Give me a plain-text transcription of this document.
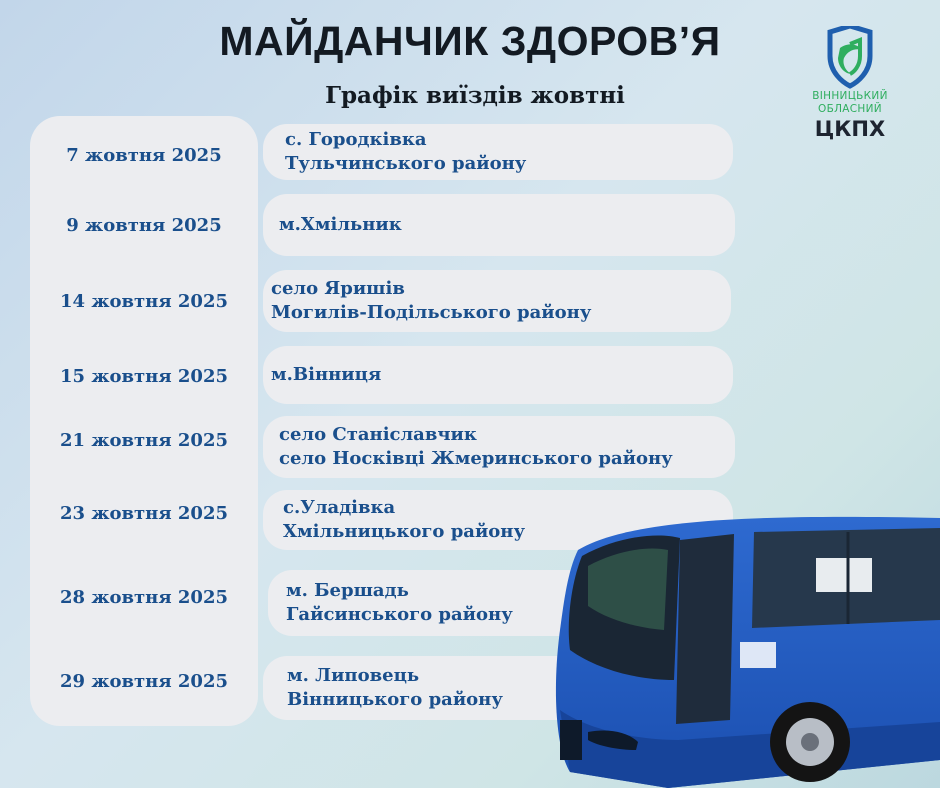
МАЙДАНЧИК ЗДОРОВ’Я
Графік виїздів жовтні	ВІННИЦЬКИЙ
ОБЛАСНИЙ
ЦКПХ
7 жовтня 2025
9 жовтня 2025
14 жовтня 2025
15 жовтня 2025
21 жовтня 2025
23 жовтня 2025
28 жовтня 2025
29 жовтня 2025
с. Городківка
Тульчинського району
м.Хмільник
село Яришів
Могилів-Подільського району
м.Вінниця
село Станіславчик
село Носківці Жмеринського району
с.Уладівка
Хмільницького району
м. Бершадь
Гайсинського району
м. Липовець
Вінницького району
